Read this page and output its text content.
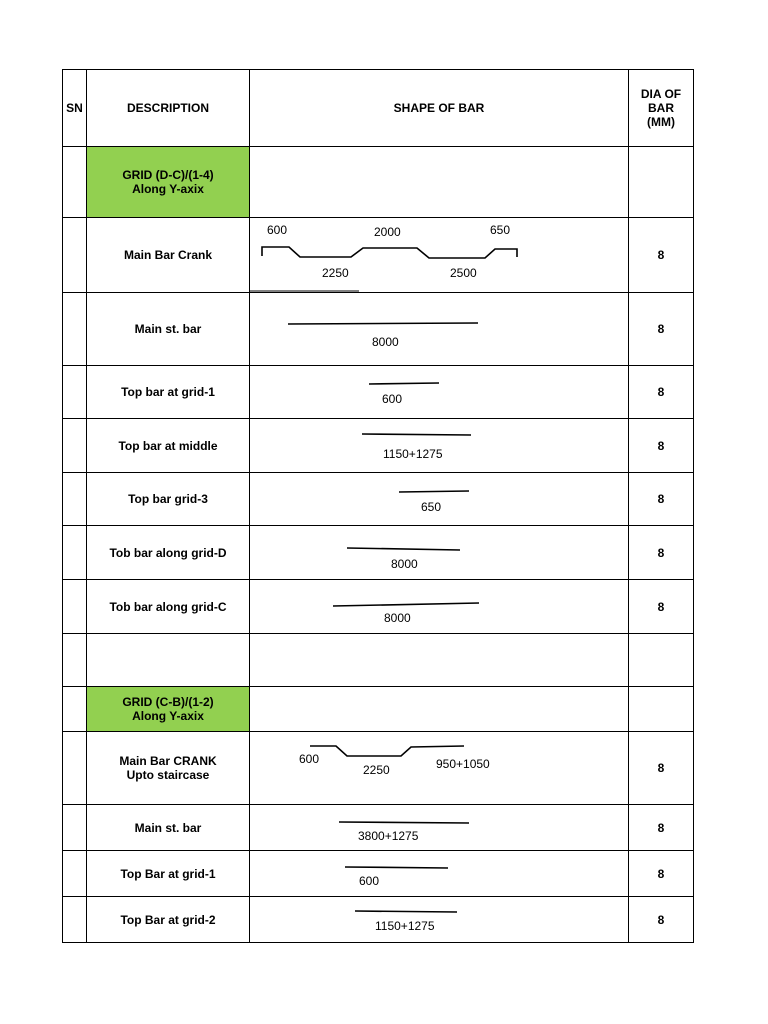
SN	DESCRIPTION	SHAPE OF BAR	DIA OF
BAR
(MM)

	GRID (D-C)/(1-4)
Along Y-axix		

	Main Bar Crank	600 2000 650
2250 2500	8

	Main st. bar	8000	8

	Top bar at grid-1	600	8

	Top bar at middle	1150+1275	8

	Top bar grid-3	650	8

	Tob bar along grid-D	8000	8

	Tob bar along grid-C	8000	8

	GRID (C-B)/(1-2)
Along Y-axix		

	Main Bar CRANK
Upto staircase	600
2250 950+1050	8

	Main st. bar	3800+1275	8

	Top Bar at grid-1	600	8

	Top Bar at grid-2	1150+1275	8
